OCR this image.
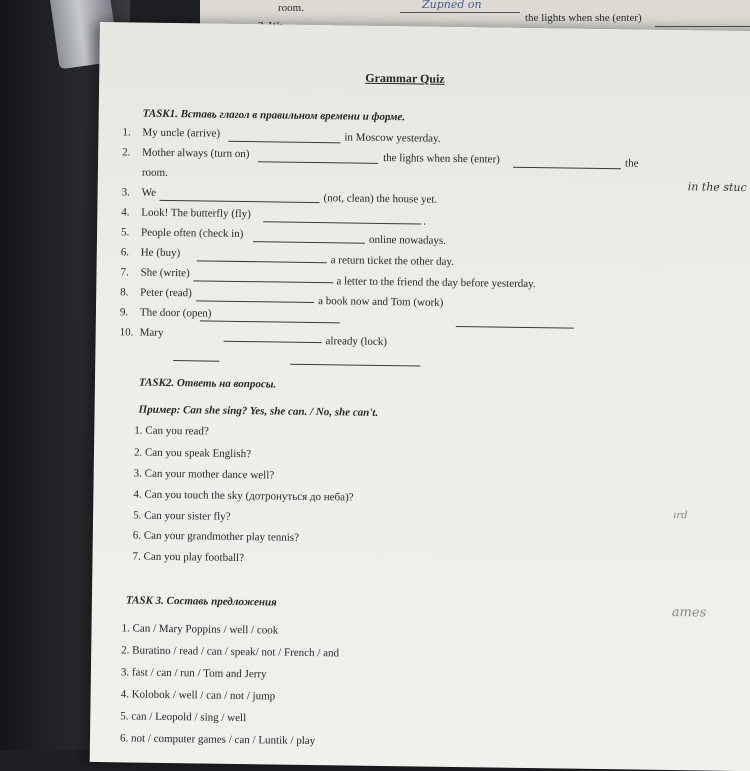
room.	Zupned on
the lights when she (enter)
Grammar Quiz
TASK1. Вставь глагол в правильном времени и форме.
1. My uncle (arrive)	in Moscow yesterday.
2. Mother always (turn on)	the lights when she (enter)	the
room.
3. We	(not, clean) the house yet.
4. Look! The butterfly (fly)
.
5. People often (check in)
online nowadays.
6. He (buy)
a return ticket the other day.
7. She (write)
a letter to the friend the day before yesterday.
8. Peter (read)
a book now and Tom (work)
9. The door (open)
10. Mary
already (lock)
TASK2. Ответь на вопросы.
Пример: Can she sing? Yes, she can. / No, she can't.
1. Can you read?
2. Can you speak English?
3. Can your mother dance well?
4. Can you touch the sky (дотронуться до неба)?
5. Can your sister fly?
6. Can your grandmother play tennis?
7. Can you play football?
TASK 3. Составь предложения
1. Can / Mary Poppins / well / cook
2. Buratino / read / can / speak/ not / French / and
3. fast / can / run / Tom and Jerry
4. Kolobok / well / can / not / jump
5. can / Leopold / sing / well
6. not / computer games / can / Luntik / play
in the stuc
ırd
ames
